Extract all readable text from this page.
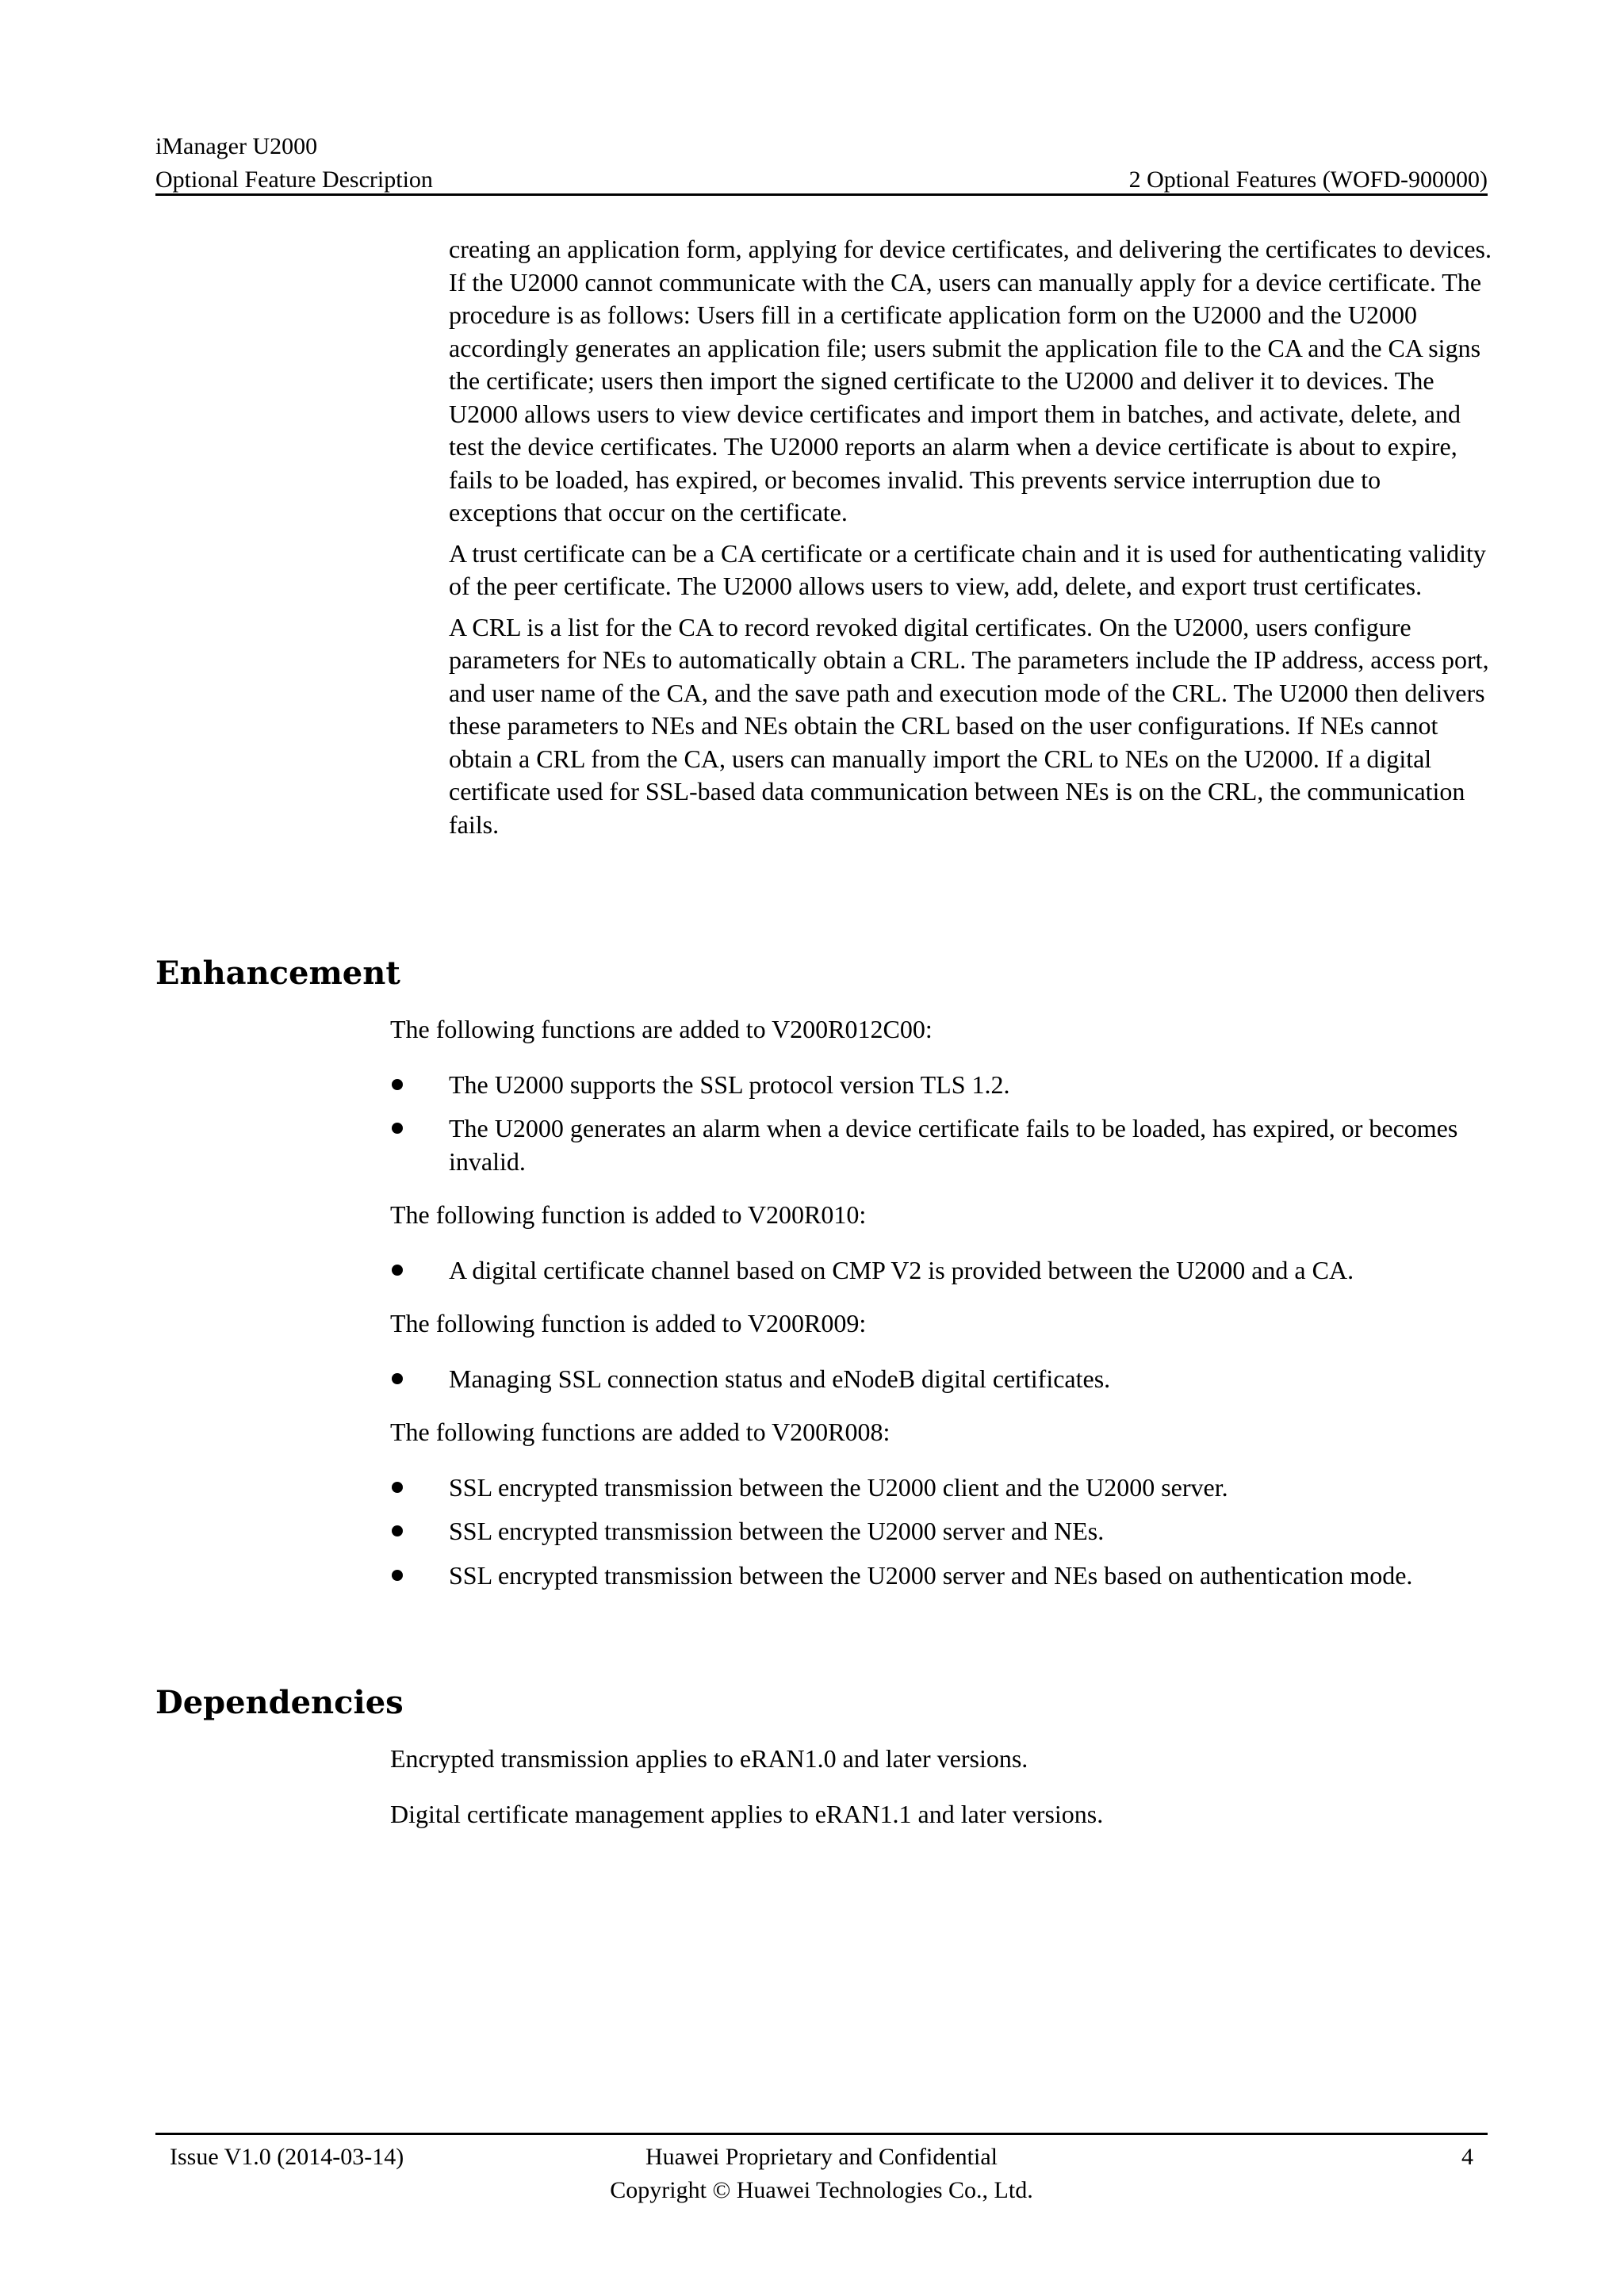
iManager U2000
Optional Feature Description	2 Optional Features (WOFD-900000)

creating an application form, applying for device certificates, and delivering the certificates to devices. If the U2000 cannot communicate with the CA, users can manually apply for a device certificate. The procedure is as follows: Users fill in a certificate application form on the U2000 and the U2000 accordingly generates an application file; users submit the application file to the CA and the CA signs the certificate; users then import the signed certificate to the U2000 and deliver it to devices. The U2000 allows users to view device certificates and import them in batches, and activate, delete, and test the device certificates. The U2000 reports an alarm when a device certificate is about to expire, fails to be loaded, has expired, or becomes invalid. This prevents service interruption due to exceptions that occur on the certificate.

A trust certificate can be a CA certificate or a certificate chain and it is used for authenticating validity of the peer certificate. The U2000 allows users to view, add, delete, and export trust certificates.

A CRL is a list for the CA to record revoked digital certificates. On the U2000, users configure parameters for NEs to automatically obtain a CRL. The parameters include the IP address, access port, and user name of the CA, and the save path and execution mode of the CRL. The U2000 then delivers these parameters to NEs and NEs obtain the CRL based on the user configurations. If NEs cannot obtain a CRL from the CA, users can manually import the CRL to NEs on the U2000. If a digital certificate used for SSL-based data communication between NEs is on the CRL, the communication fails.

Enhancement

The following functions are added to V200R012C00:

The U2000 supports the SSL protocol version TLS 1.2.
The U2000 generates an alarm when a device certificate fails to be loaded, has expired, or becomes invalid.

The following function is added to V200R010:

A digital certificate channel based on CMP V2 is provided between the U2000 and a CA.

The following function is added to V200R009:

Managing SSL connection status and eNodeB digital certificates.

The following functions are added to V200R008:

SSL encrypted transmission between the U2000 client and the U2000 server.
SSL encrypted transmission between the U2000 server and NEs.
SSL encrypted transmission between the U2000 server and NEs based on authentication mode.
Dependencies

Encrypted transmission applies to eRAN1.0 and later versions.

Digital certificate management applies to eRAN1.1 and later versions.

Issue V1.0 (2014-03-14)	Huawei Proprietary and Confidential
Copyright © Huawei Technologies Co., Ltd.
4
